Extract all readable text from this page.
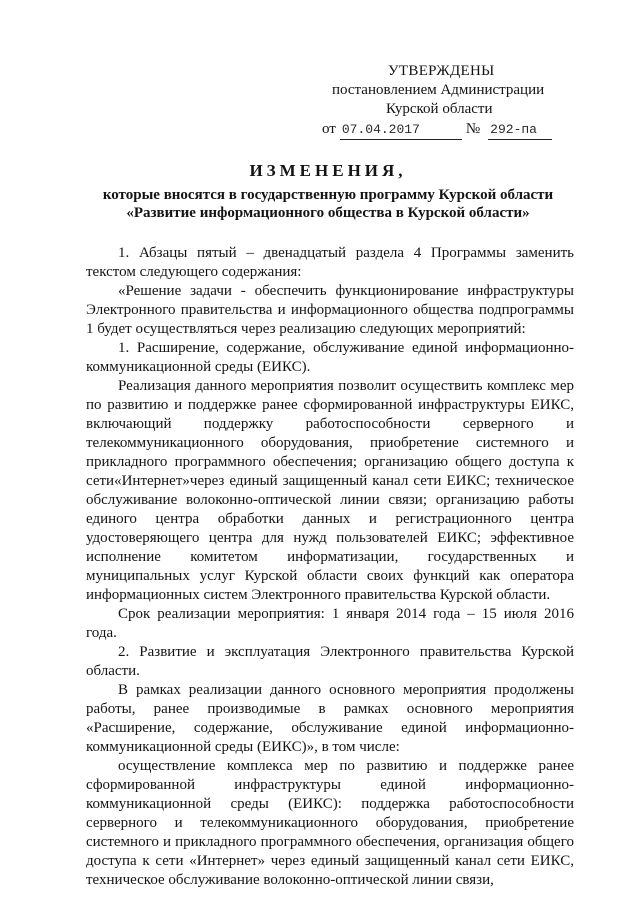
УТВЕРЖДЕНЫ
постановлением Администрации
Курской области
от 07.04.2017	№ 292-па
ИЗМЕНЕНИЯ,
которые вносятся в государственную программу Курской области «Развитие информационного общества в Курской области»

1. Абзацы пятый – двенадцатый раздела 4 Программы заменить текстом следующего содержания:

«Решение задачи - обеспечить функционирование инфраструктуры Электронного правительства и информационного общества подпрограммы 1 будет осуществляться через реализацию следующих мероприятий:

1. Расширение, содержание, обслуживание единой информационно-коммуникационной среды (ЕИКС).

Реализация данного мероприятия позволит осуществить комплекс мер по развитию и поддержке ранее сформированной инфраструктуры ЕИКС, включающий поддержку работоспособности серверного и телекоммуникационного оборудования, приобретение системного и прикладного программного обеспечения; организацию общего доступа к сети«Интернет»через единый защищенный канал сети ЕИКС; техническое обслуживание волоконно-оптической линии связи; организацию работы единого центра обработки данных и регистрационного центра удостоверяющего центра для нужд пользователей ЕИКС; эффективное исполнение комитетом информатизации, государственных и муниципальных услуг Курской области своих функций как оператора информационных систем Электронного правительства Курской области.

Срок реализации мероприятия: 1 января 2014 года – 15 июля 2016 года.

2. Развитие и эксплуатация Электронного правительства Курской области.

В рамках реализации данного основного мероприятия продолжены работы, ранее производимые в рамках основного мероприятия «Расширение, содержание, обслуживание единой информационно-коммуникационной среды (ЕИКС)», в том числе:

осуществление комплекса мер по развитию и поддержке ранее сформированной инфраструктуры единой информационно-коммуникационной среды (ЕИКС): поддержка работоспособности серверного и телекоммуникационного оборудования, приобретение системного и прикладного программного обеспечения, организация общего доступа к сети «Интернет» через единый защищенный канал сети ЕИКС, техническое обслуживание волоконно-оптической линии связи,
